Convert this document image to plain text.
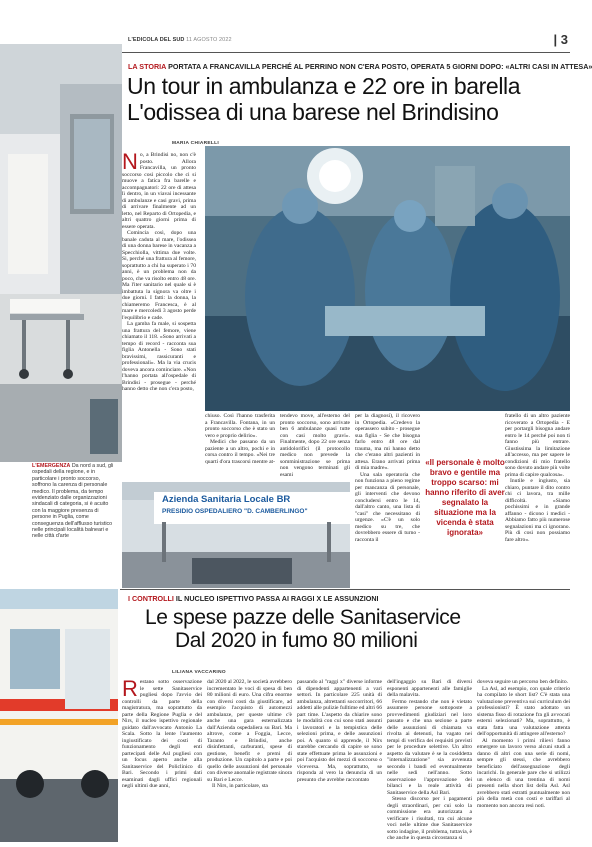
L'EDICOLA DEL SUD 11 AGOSTO 2022	| 3
LA STORIA PORTATA A FRANCAVILLA PERCHÉ AL PERRINO NON C'ERA POSTO, OPERATA 5 GIORNI DOPO: «ALTRI CASI IN ATTESA»
Un tour in ambulanza e 22 ore in barella
L'odissea di una barese nel Brindisino
MARIA CHIARELLI

No, a Brindisi no, non c'è posto. Allora Francavilla, un pronto soccorso così piccolo che ci si muove a fatica fra barelle e accompagnatori: 22 ore di attesa lì dentro, in un viavai incessante di ambulanze e casi gravi, prima di arrivare finalmente ad un letto, nel Reparto di Ortopedia, e altri quattro giorni prima di essere operata.

Comincia così, dopo una banale caduta al mare, l'odissea di una donna barese in vacanza a Specchiolla, vittima due volte. Si, perché una frattura al femore, soprattutto a chi ha superato i 70 anni, è un problema non da poco, che va risolto entro 48 ore. Ma l'iter sanitario nel quale si è imbattuta la signora va oltre i due giorni. I fatti: la donna, la chiameremo Francesca, è al mare e mercoledì 3 agosto perde l'equilibrio e cade.

La gamba fa male, si sospetta una frattura del femore, viene chiamato il 118. «Sono arrivati a tempo di record - racconta sua figlia Antonella - Sono stati bravissimi, rassicuranti e professionali». Ma la via crucis doveva ancora cominciare. «Non l'hanno portata all'ospedale di Brindisi - prosegue - perché hanno detto che non c'era posto,

chiuso. Così l'hanno trasferita a Francavilla. Fontana, in un pronto soccorso che è stato un vero e proprio delirio».

Medici che passano da un paziente a un altro, pochi e in corsa contro il tempo. «Nei tre quarti d'ora trascorsi mentre at-

tendevo move, all'esterno del pronto soccorso, sono arrivate ben 6 ambulanze quasi tutte con casi molto gravi». Finalmente, dopo 22 ore senza antidolorifici (il protocollo medico non prevede la somministrazione se prima non vengono terminati gli esami

per la diagnosi), il ricovero in Ortopedia. «Credevo la operassero subito - prosegue sua figlia - Se che bisogna farlo entro 48 ore dal trauma, ma mi hanno detto che c'erano altri pazienti in attesa. Erano arrivati prima di mia madre».

Una sala operatoria che non funziona a pieno regime per mancanza di personale, gli interventi che devono concludersi entro le 14, dall'altro canto, una lista di "casi" che necessitano di urgenze. «C'è un solo medico su tre, che dovrebbero essere di turno - racconta il

«Il personale è molto bravo e gentile ma troppo scarso: mi hanno riferito di aver segnalato la situazione ma la vicenda è stata ignorata»

fratello di un altro paziente ricoverato a Ortopedia - E per portargli bisogna andare entro le 14 perché poi non ti fanno più entrare. Giustissima la limitazione all'accesso, ma per sapere le condizioni di mio fratello sono dovuto andare più volte prima di capire qualcosa».

Inutile e ingiusto, sia chiaro, puntare il dito contro chi ci lavora, tra mille difficoltà. «Siamo pochissimi e in grande affanno - dicono i medici - Abbiamo fatto più numerose segnalazioni ma ci ignorano. Più di così non possiamo fare altro».

Azienda Sanitaria Locale BR
PRESIDIO OSPEDALIERO "D. CAMBERLINGO"
L'EMERGENZA Da nord a sud, gli ospedali della regione, e in particolare i pronto soccorso, soffrono la carenza di personale medico. Il problema, da tempo evidenziato dalle organizzazioni sindacali di categoria, si è acuito con la maggiore presenza di persone in Puglia, come conseguenza dell'afflusso turistico nelle principali località balneari e nelle città d'arte
I CONTROLLI IL NUCLEO ISPETTIVO PASSA AI RAGGI X LE ASSUNZIONI
Le spese pazze delle Sanitaservice
Dal 2020 in fumo 80 milioni
LILIANA VACCARINO

Restano sotto osservazione le sette Sanitaservice pugliesi dopo l'avvio dei controlli da parte della magistratura, ma soprattutto da parte della Regione Puglia e del Nirs, il nucleo ispettivo regionale guidato dall'avvocato Antonio La Scala. Sotto la lente l'aumento ingiustificato dei costi di funzionamento degli enti partecipati delle Asl pugliesi con un focus aperto anche alla Sanitaservice del Policlinico di Bari. Secondo i primi dati esaminati dagli uffici regionali negli ultimi due anni,

dal 2020 al 2022, le società avrebbero incrementato le voci di spesa di ben 80 milioni di euro. Una cifra enorme con diversi costi da giustificare, ad esempio l'acquisto di automezzi ambulanze, per queste ultime c'è anche una gara esternalizzata dall'Azienda ospedaliera su Bari. Ma altrove, come a Foggia, Lecce, Taranto e Brindisi, anche disinfettanti, carburanti, spese di gestione, benefit e premi di produzione. Un capitolo a parte e poi quello delle assunzioni del personale con diverse anomalie registrate sinora su Bari e Lecce.

Il Nirs, in particolare, sta

passando al "raggi x" diverse informe di dipendenti appartenenti a vari settori. In particolare 225 unità di ambulanza, altrettanti soccorritori, 66 addetti alle pulizie fulltime ed altri 66 part time. L'aspetto da chiarire sono le modalità con cui sono stati assunti i lavoratori e la tempistica delle selezioni prima, e delle assunzioni poi. A quanto si apprende, il Nirs starebbe cercando di capire se sono state effettuate prima le assunzioni e poi l'acquisto dei mezzi di soccorso o viceversa. Ma, soprattutto, se risponda al vero la denuncia di un presunto che avrebbe raccontato

dell'ingaggio su Bari di diversi esponenti appartenenti alle famiglie della malavita.

Fermo restando che non è vietato assumere persone sottoposte a provvedimenti giudiziari nel loro passato e che una sezione a parte delle assunzioni di chiamata va rivolta ai detenuti, ha vagato nei tempi di verifica dei requisiti previsti per le procedure selettive. Un altro aspetto da valutare è se la cosiddetta "internalizzazione" sia avvenuta secondo i bandi ed eventualmente nelle sedi nell'anno. Sotto osservazione l'approvazione dei bilanci e la reale attività di Sanitaservice della Asl Bari.

Stesso discorso per i pagamenti degli straordinari, per cui solo la commissione era autorizzata a verificare i risultati, tra cui alcune voci nelle ultime due Sanitaservice sotto indagine, il problema, tuttavia, è che anche in questa circostanza si

doveva seguire un percorso ben definito.

La Asl, ad esempio, con quale criterio ha compilato le short list? C'è stata una valutazione preventiva sui curriculum dei professionisti? È stato adottato un sistema fisso di rotazione fra gli avvocati esterni selezionati? Ma, soprattutto, è stata fatta una valutazione attenta dell'opportunità di attingere all'esterno?

Al momento i primi rilievi fanno emergere un lavoro verso alcuni studi a danno di altri con una serie di nomi, sempre gli stessi, che avrebbero beneficiato dell'assegnazione degli incarichi. In generale pare che si utilizzi un elenco di una trentina di nomi presenti nella short list della Asl. Asl avrebbero stati estratti puntualmente non più della metà con costi e tariffari al momento non ancora resi noti.
